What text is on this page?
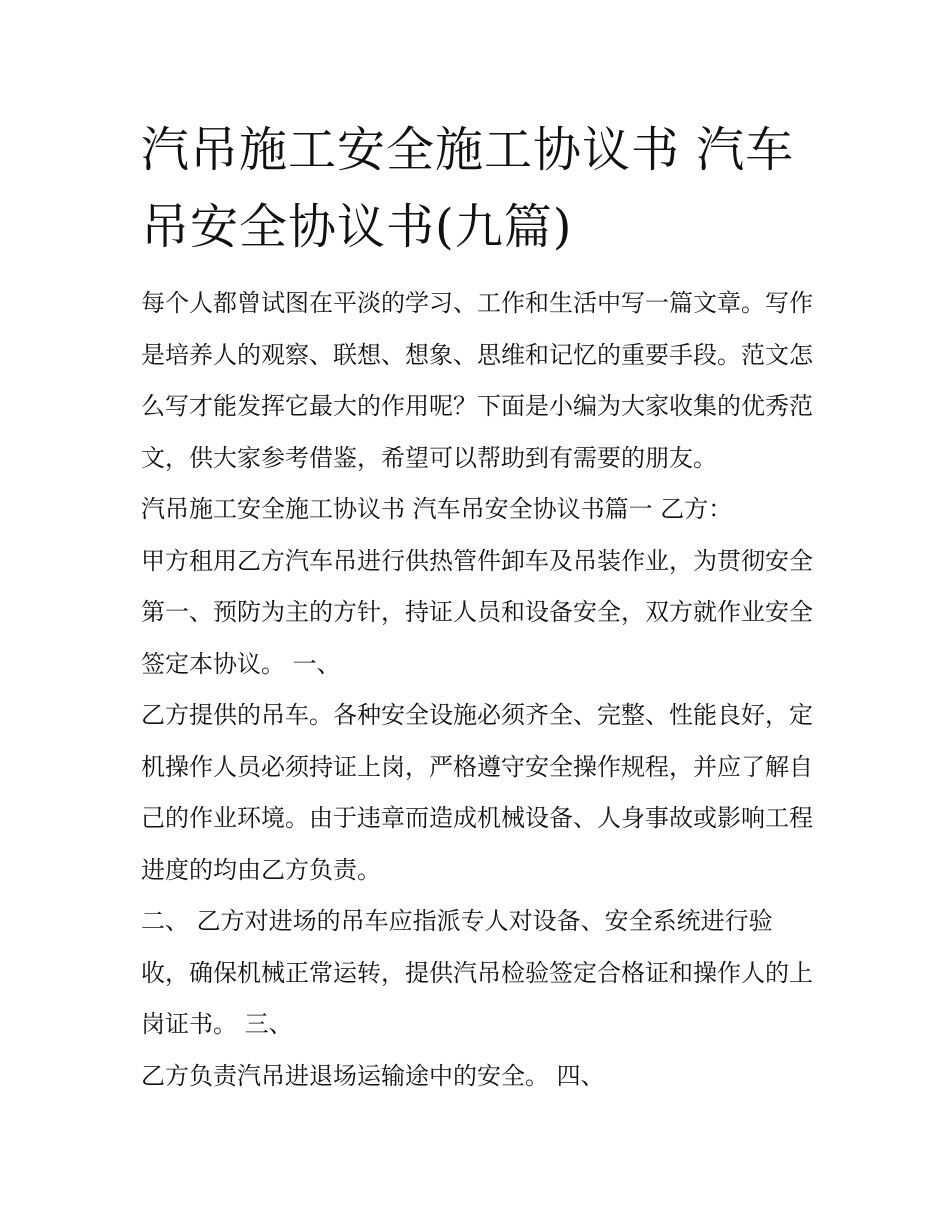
汽吊施工安全施工协议书 汽车吊安全协议书(九篇)

每个人都曾试图在平淡的学习、工作和生活中写一篇文章。写作是培养人的观察、联想、想象、思维和记忆的重要手段。范文怎么写才能发挥它最大的作用呢？下面是小编为大家收集的优秀范文，供大家参考借鉴，希望可以帮助到有需要的朋友。

汽吊施工安全施工协议书 汽车吊安全协议书篇一 乙方：

甲方租用乙方汽车吊进行供热管件卸车及吊装作业，为贯彻安全第一、预防为主的方针，持证人员和设备安全，双方就作业安全签定本协议。 一、

乙方提供的吊车。各种安全设施必须齐全、完整、性能良好，定机操作人员必须持证上岗，严格遵守安全操作规程，并应了解自己的作业环境。由于违章而造成机械设备、人身事故或影响工程进度的均由乙方负责。

二、 乙方对进场的吊车应指派专人对设备、安全系统进行验收，确保机械正常运转，提供汽吊检验签定合格证和操作人的上岗证书。 三、

乙方负责汽吊进退场运输途中的安全。 四、
